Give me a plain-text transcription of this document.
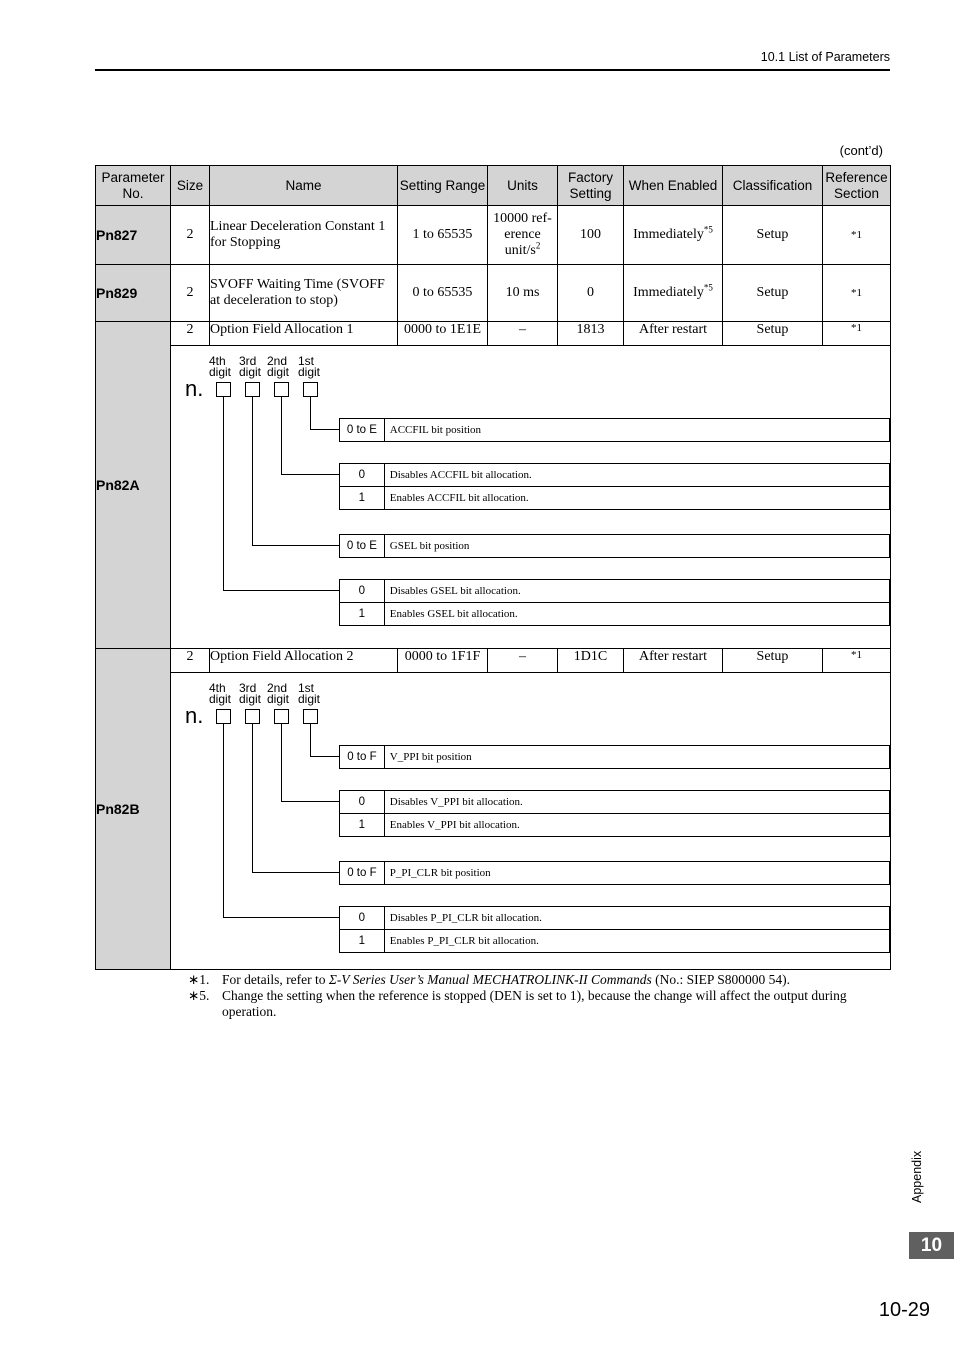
10.1 List of Parameters
(cont’d)
Parameter No.	Size	Name	Setting Range	Units	Factory Setting	When Enabled	Classification	Reference Section
Pn827	2	Linear Deceleration Constant 1 for Stopping	1 to 65535	10000 ref-erence unit/$s^2$	100	Immediately$^{*5}$	Setup	*1
Pn829	2	SVOFF Waiting Time (SVOFF at deceleration to stop)	0 to 65535	10 ms	0	Immediately$^{*5}$	Setup	*1
Pn82A	2	Option Field Allocation 1	0000 to 1E1E	–	1813	After restart	Setup	*1

4th
digit
3rd
digit
2nd
digit
1st
digit
n.
0 to E	ACCFIL bit position
0	Disables ACCFIL bit allocation.
1	Enables ACCFIL bit allocation.
0 to E	GSEL bit position
0	Disables GSEL bit allocation.
1	Enables GSEL bit allocation.

Pn82B	2	Option Field Allocation 2	0000 to 1F1F	–	1D1C	After restart	Setup	*1

4th
digit
3rd
digit
2nd
digit
1st
digit
n.
0 to F	V_PPI bit position
0	Disables V_PPI bit allocation.
1	Enables V_PPI bit allocation.
0 to F	P_PI_CLR bit position
0	Disables P_PI_CLR bit allocation.
1	Enables P_PI_CLR bit allocation.
∗1. For details, refer to Σ-V Series User’s Manual MECHATROLINK-II Commands (No.: SIEP S800000 54).
∗5. Change the setting when the reference is stopped (DEN is set to 1), because the change will affect the output during operation.
Appendix
10
10-29
